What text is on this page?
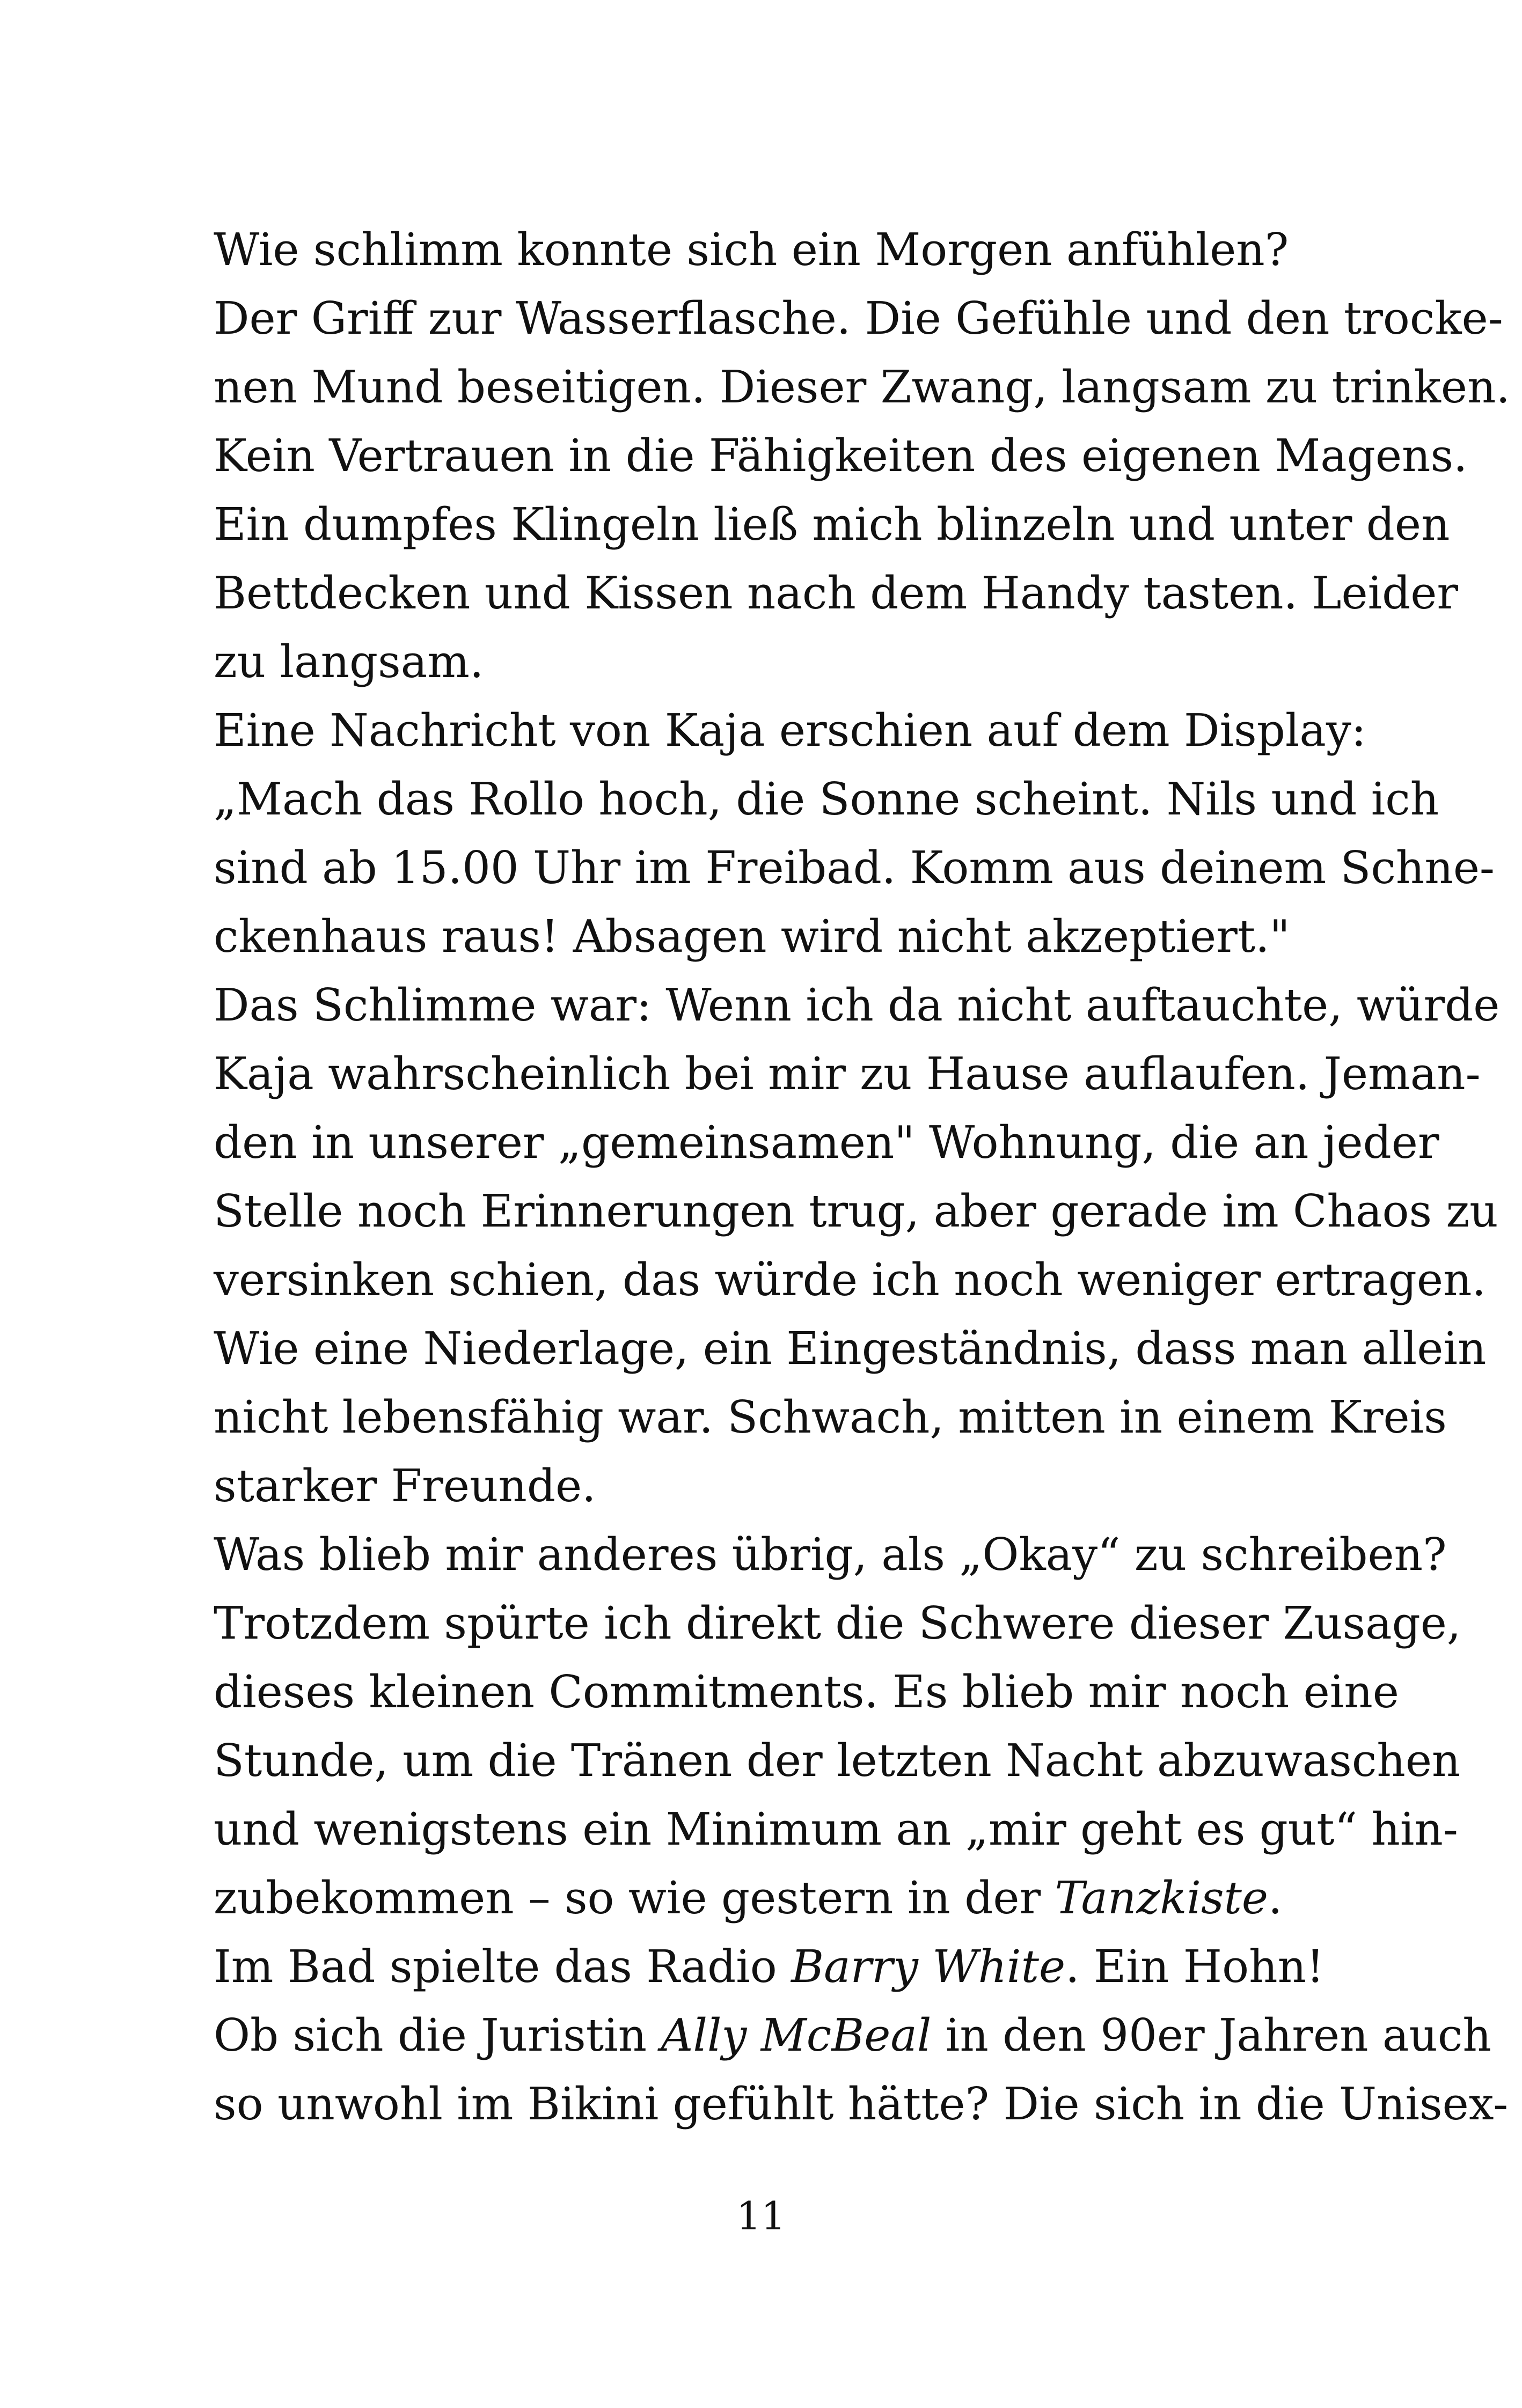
Wie schlimm konnte sich ein Morgen anfühlen?
Der Griff zur Wasserflasche. Die Gefühle und den trocke-
nen Mund beseitigen. Dieser Zwang, langsam zu trinken.
Kein Vertrauen in die Fähigkeiten des eigenen Magens.
Ein dumpfes Klingeln ließ mich blinzeln und unter den
Bettdecken und Kissen nach dem Handy tasten. Leider
zu langsam.
Eine Nachricht von Kaja erschien auf dem Display:
„Mach das Rollo hoch, die Sonne scheint. Nils und ich
sind ab 15.00 Uhr im Freibad. Komm aus deinem Schne-
ckenhaus raus! Absagen wird nicht akzeptiert."
Das Schlimme war: Wenn ich da nicht auftauchte, würde
Kaja wahrscheinlich bei mir zu Hause auflaufen. Jeman-
den in unserer „gemeinsamen" Wohnung, die an jeder
Stelle noch Erinnerungen trug, aber gerade im Chaos zu
versinken schien, das würde ich noch weniger ertragen.
Wie eine Niederlage, ein Eingeständnis, dass man allein
nicht lebensfähig war. Schwach, mitten in einem Kreis
starker Freunde.
Was blieb mir anderes übrig, als „Okay“ zu schreiben?
Trotzdem spürte ich direkt die Schwere dieser Zusage,
dieses kleinen Commitments. Es blieb mir noch eine
Stunde, um die Tränen der letzten Nacht abzuwaschen
und wenigstens ein Minimum an „mir geht es gut“ hin-
zubekommen – so wie gestern in der Tanzkiste.
Im Bad spielte das Radio Barry White. Ein Hohn!
Ob sich die Juristin Ally McBeal in den 90er Jahren auch
so unwohl im Bikini gefühlt hätte? Die sich in die Unisex-
11
